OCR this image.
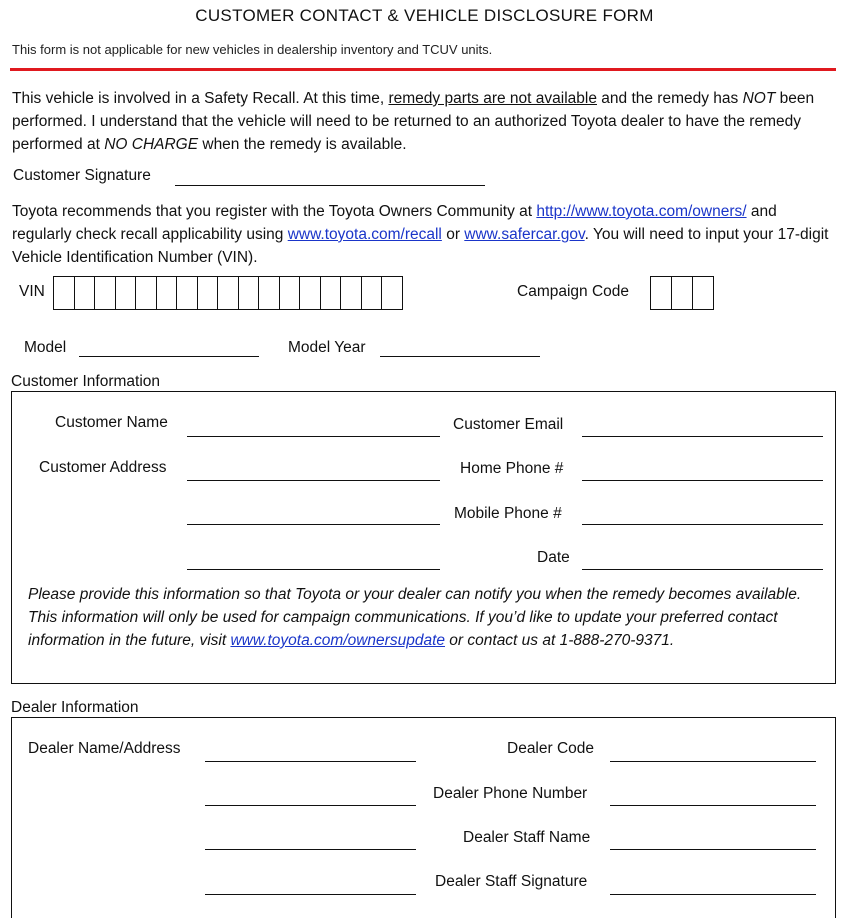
CUSTOMER CONTACT & VEHICLE DISCLOSURE FORM
This form is not applicable for new vehicles in dealership inventory and TCUV units.
This vehicle is involved in a Safety Recall. At this time, remedy parts are not available and the remedy has NOT been performed. I understand that the vehicle will need to be returned to an authorized Toyota dealer to have the remedy performed at NO CHARGE when the remedy is available.
Customer Signature
Toyota recommends that you register with the Toyota Owners Community at http://www.toyota.com/owners/ and regularly check recall applicability using www.toyota.com/recall or www.safercar.gov. You will need to input your 17-digit Vehicle Identification Number (VIN).
VIN	Campaign Code
Model	Model Year
Customer Information
Customer Name	Customer Email
Customer Address	Home Phone #
Mobile Phone #
Date
Please provide this information so that Toyota or your dealer can notify you when the remedy becomes available. This information will only be used for campaign communications. If you’d like to update your preferred contact information in the future, visit www.toyota.com/ownersupdate or contact us at 1-888-270-9371.
Dealer Information
Dealer Name/Address	Dealer Code
Dealer Phone Number
Dealer Staff Name
Dealer Staff Signature
